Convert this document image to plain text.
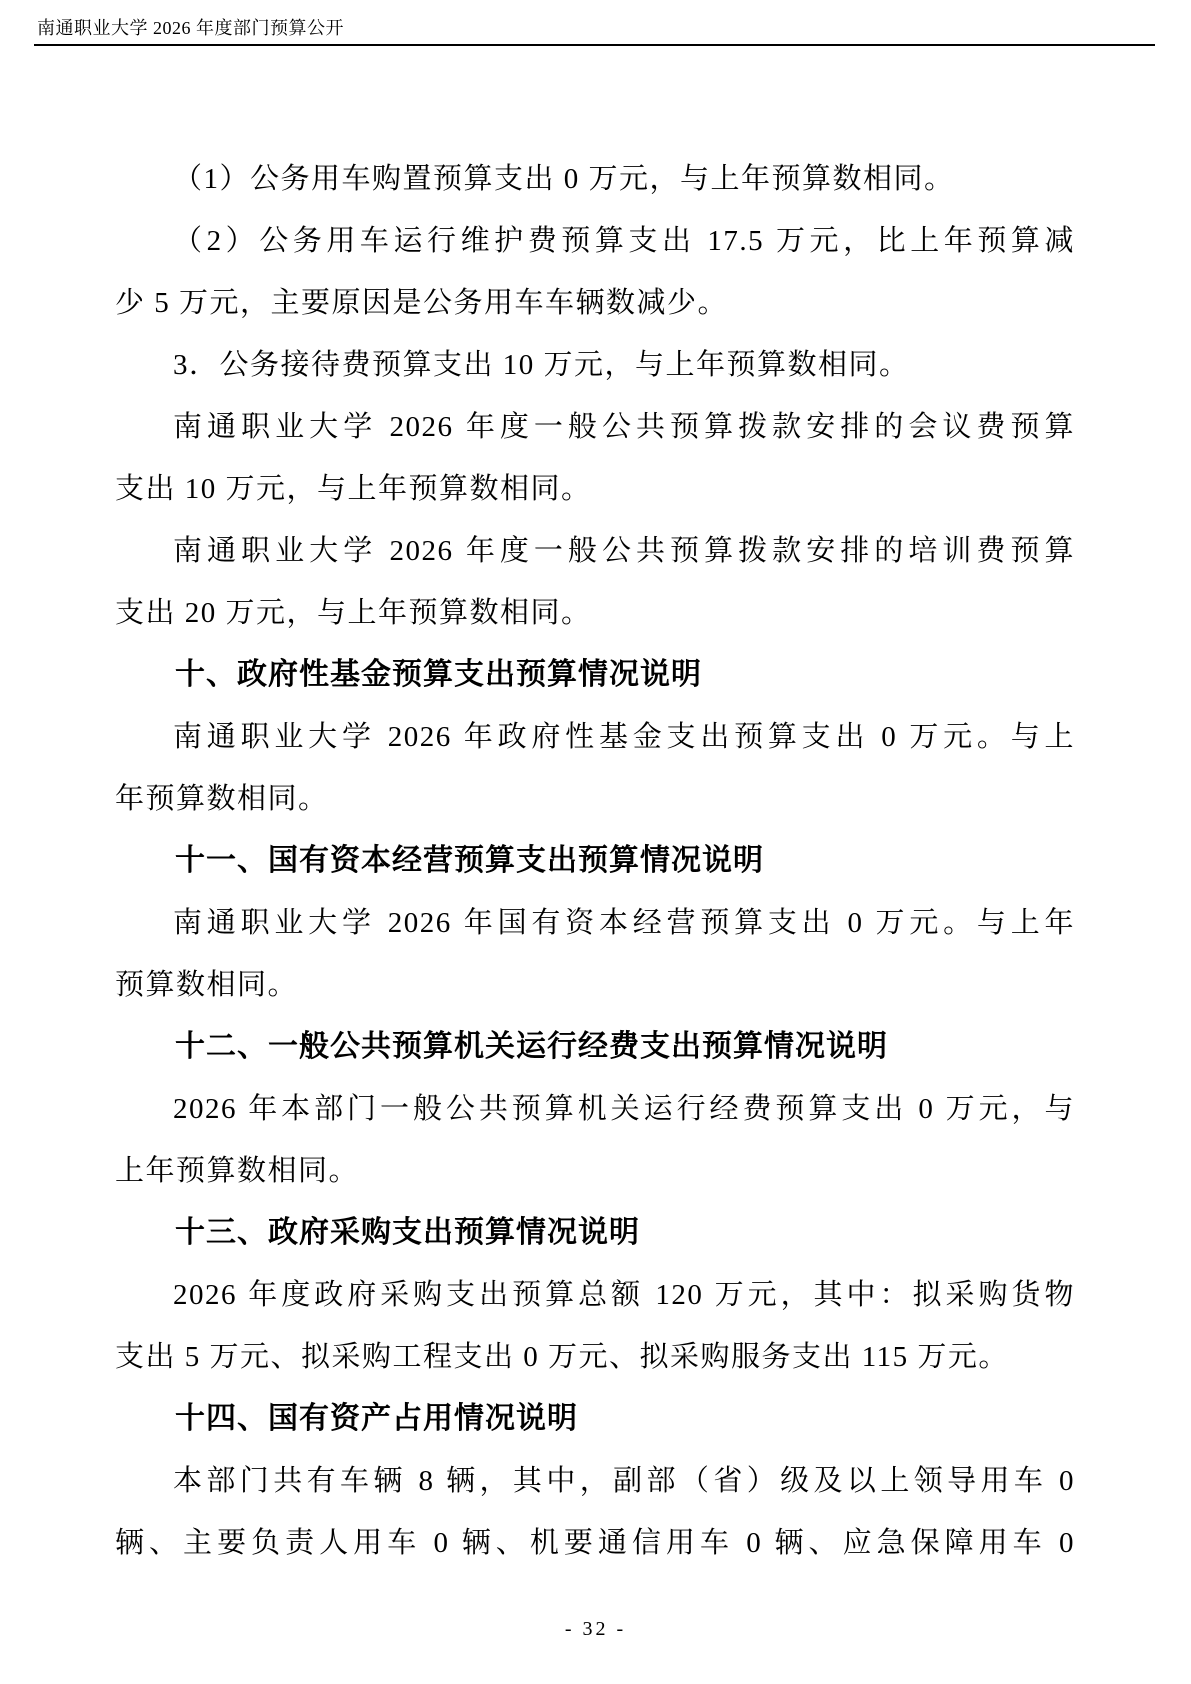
南通职业大学 2026 年度部门预算公开
（1）公务用车购置预算支出 0 万元，与上年预算数相同。
（2）公务用车运行维护费预算支出 17.5 万元，比上年预算减
少 5 万元，主要原因是公务用车车辆数减少。
3．公务接待费预算支出 10 万元，与上年预算数相同。
南通职业大学 2026 年度一般公共预算拨款安排的会议费预算
支出 10 万元，与上年预算数相同。
南通职业大学 2026 年度一般公共预算拨款安排的培训费预算
支出 20 万元，与上年预算数相同。
十、政府性基金预算支出预算情况说明
南通职业大学 2026 年政府性基金支出预算支出 0 万元。与上
年预算数相同。
十一、国有资本经营预算支出预算情况说明
南通职业大学 2026 年国有资本经营预算支出 0 万元。与上年
预算数相同。
十二、一般公共预算机关运行经费支出预算情况说明
2026 年本部门一般公共预算机关运行经费预算支出 0 万元，与
上年预算数相同。
十三、政府采购支出预算情况说明
2026 年度政府采购支出预算总额 120 万元，其中：拟采购货物
支出 5 万元、拟采购工程支出 0 万元、拟采购服务支出 115 万元。
十四、国有资产占用情况说明
本部门共有车辆 8 辆，其中，副部（省）级及以上领导用车 0
辆、主要负责人用车 0 辆、机要通信用车 0 辆、应急保障用车 0
- 32 -
